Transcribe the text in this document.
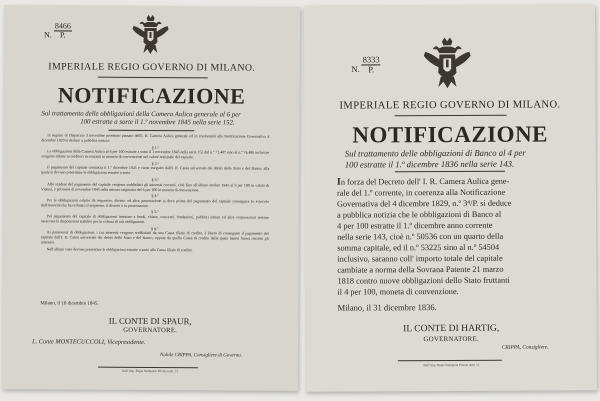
N. $\frac{8466}{P.}$
IMPERIALE REGIO GOVERNO DI MILANO.
NOTIFICAZIONE
Sul trattamento delle obbligazioni della Camera Aulica generale al 6 per
100 estratte a sorte il 1.º novembre 1845 nella serie 152.

In seguito di Dispaccio 3 novembre prossimo passato dell'I. R. Camera Aulica generale ed in conformità alla Notificazione Governativa 4 dicembre 1829 si deduce a pubblica notizia:

§ 1.º

Le obbligazioni della Camera Aulica al 6 per 100 estratte a sorte il 1 novembre 1845 nella serie 152 dal n.º 71,487 sino al n.º 74,486 inclusive vengono ridotte ai creditori in contanti in moneta di convenzione nel valore nominale del capitale.

§ 2.º

Il pagamento del capitale comincia il 1.º dicembre 1845 e viene eseguito dall'I. R. Cassa universale dei debiti dello Stato e del Banco, alla quale si devono presentare le obbligazioni estratte a sorte.

§ 3.º

Allo scadere del pagamento del capitale vengono soddisfatti gli interessi correnti, cioè fino all'ultimo ottobre 1845 al 6 per 100 in valuta di Vienna, e pel mese di novembre 1845 nella misura originaria del 6 per 100 in moneta di convenzione.

§ 4.º

Per le obbligazioni colpite da sequestro, divieto od altra prenotazione si deve prima del pagamento del capitale conseguire lo svincolo dall'Autorità che ha ordinato il sequestro, il divieto o la prenotazione.

§ 5.º

Pel pagamento del capitale di obbligazioni intestate a fondi, chiese, conventi, fondazioni, pubblici istituti ed altre corporazioni restano osservate le disposizioni stabilite per la voltura di tali obbligazioni.

§ 6.º

Ai possessori di obbligazioni, i cui interessi vengono soddisfatti da una Cassa filiale di credito, è libero di conseguire il pagamento del capitale dall'I. R. Cassa universale dei debiti dello Stato e del Banco, oppure da quella Cassa di credito dalla quale hanno finora riscossi gli interessi.

Nell'ultimo caso devono presentare le obbligazioni estratte a sorte alla Cassa filiale di credito.

Milano, il 10 dicembre 1845.
IL CONTE DI SPAUR,
GOVERNATORE.
L. Conte MONTECUCCOLI, Vicepresidente.
Nobile CRIPPA, Consigliere di Governo.
Dall' Imp. Regia Stamperia Privata num. 13
N. $\frac{8333}{P.}$
IMPERIALE REGIO GOVERNO DI MILANO.
NOTIFICAZIONE
Sul trattamento delle obbligazioni di Banco al 4 per
100 estratte il 1.º dicembre 1836 nella serie 143.

In forza del Decreto dell' I. R. Camera Aulica gene-

rale del 1.º corrente, in coerenza alla Notificazione

Governativa del 4 dicembre 1829, n.º 3⁴/P. si deduce

a pubblica notizia che le obbligazioni di Banco al

4 per 100 estratte il 1.º dicembre anno corrente

nella serie 143, cioè n.º 50536 con un quarto della

somma capitale, ed il n.º 53225 sino al n.º 54504

inclusivo, saranno coll' importo totale del capitale

cambiate a norma della Sovrana Patente 21 marzo

1818 contro nuove obbligazioni dello Stato fruttanti

il 4 per 100, moneta di convenzione.

Milano, il 31 dicembre 1836.
IL CONTE DI HARTIG,
GOVERNATORE.
CRIPPA, Consigliere.
Dall' Imp. Regia Stamperia Privata num. 13
